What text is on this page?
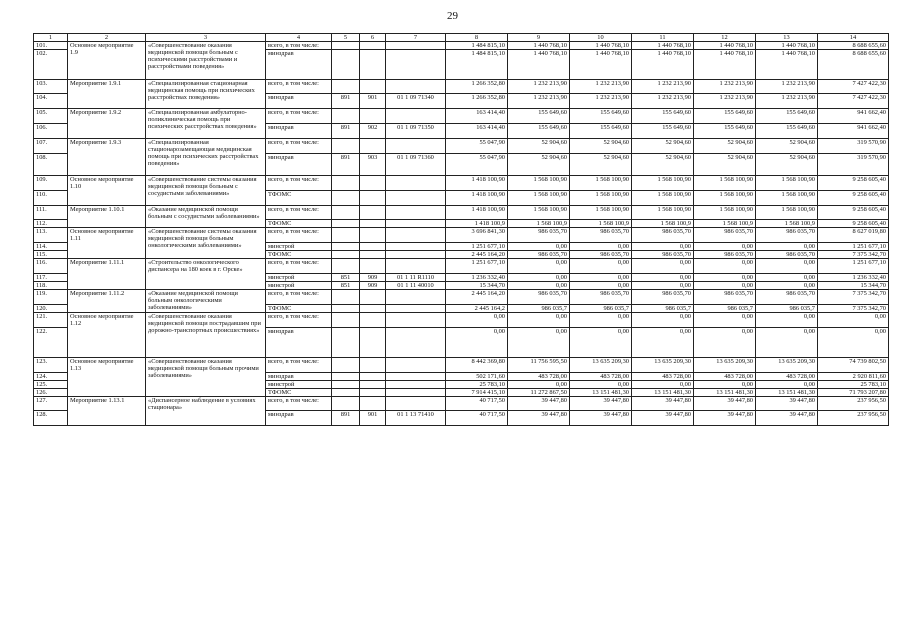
29
1	2	3	4	5	6	7	8	9	10	11	12	13	14
101.	Основное мероприятие 1.9	«Совершенствование оказания медицинской помощи больным с психическими расстройствами и расстройствами поведения»	всего, в том числе:				1 484 815,10	1 440 768,10	1 440 768,10	1 440 768,10	1 440 768,10	1 440 768,10	8 688 655,60
102.			минздрав				1 484 815,10	1 440 768,10	1 440 768,10	1 440 768,10	1 440 768,10	1 440 768,10	8 688 655,60
103.	Мероприятие 1.9.1	«Специализированная стационарная медицинская помощь при психических расстройствах поведения»	всего, в том числе:				1 266 352,80	1 232 213,90	1 232 213,90	1 232 213,90	1 232 213,90	1 232 213,90	7 427 422,30
104.			минздрав	891	901	01 1 09 71340	1 266 352,80	1 232 213,90	1 232 213,90	1 232 213,90	1 232 213,90	1 232 213,90	7 427 422,30
105.	Мероприятие 1.9.2	«Специализированная амбулаторно-поликлиническая помощь при психических расстройствах поведения»	всего, в том числе:				163 414,40	155 649,60	155 649,60	155 649,60	155 649,60	155 649,60	941 662,40
106.			минздрав	891	902	01 1 09 71350	163 414,40	155 649,60	155 649,60	155 649,60	155 649,60	155 649,60	941 662,40
107.	Мероприятие 1.9.3	«Специализированная стационарозамещающая медицинская помощь при психических расстройствах поведения»	всего, в том числе:				55 047,90	52 904,60	52 904,60	52 904,60	52 904,60	52 904,60	319 570,90
108.			минздрав	891	903	01 1 09 71360	55 047,90	52 904,60	52 904,60	52 904,60	52 904,60	52 904,60	319 570,90
109.	Основное мероприятие 1.10	«Совершенствование системы оказания медицинской помощи больным с сосудистыми заболеваниями»	всего, в том числе:				1 418 100,90	1 568 100,90	1 568 100,90	1 568 100,90	1 568 100,90	1 568 100,90	9 258 605,40
110.			ТФОМС				1 418 100,90	1 568 100,90	1 568 100,90	1 568 100,90	1 568 100,90	1 568 100,90	9 258 605,40
111.	Мероприятие 1.10.1	«Оказание медицинской помощи больным с сосудистыми заболеваниями»	всего, в том числе:				1 418 100,90	1 568 100,90	1 568 100,90	1 568 100,90	1 568 100,90	1 568 100,90	9 258 605,40
112.			ТФОМС				1 418 100,9	1 568 100,9	1 568 100,9	1 568 100,9	1 568 100,9	1 568 100,9	9 258 605,40
113.	Основное мероприятие 1.11	«Совершенствование системы оказания медицинской помощи больным онкологическими заболеваниями»	всего, в том числе:				3 696 841,30	986 035,70	986 035,70	986 035,70	986 035,70	986 035,70	8 627 019,80
114.			минстрой				1 251 677,10	0,00	0,00	0,00	0,00	0,00	1 251 677,10
115.			ТФОМС				2 445 164,20	986 035,70	986 035,70	986 035,70	986 035,70	986 035,70	7 375 342,70
116.	Мероприятие 1.11.1	«Строительство онкологического диспансера на 180 коек в г. Орске»	всего, в том числе:				1 251 677,10	0,00	0,00	0,00	0,00	0,00	1 251 677,10
117.			минстрой	851	909	01 1 11 R1110	1 236 332,40	0,00	0,00	0,00	0,00	0,00	1 236 332,40
118.			минстрой	851	909	01 1 11 40010	15 344,70	0,00	0,00	0,00	0,00	0,00	15 344,70
119.	Мероприятие 1.11.2	«Оказание медицинской помощи больным онкологическими заболеваниями»	всего, в том числе:				2 445 164,20	986 035,70	986 035,70	986 035,70	986 035,70	986 035,70	7 375 342,70
120.			ТФОМС				2 445 164,2	986 035,7	986 035,7	986 035,7	986 035,7	986 035,7	7 375 342,70
121.	Основное мероприятие 1.12	«Совершенствование оказания медицинской помощи пострадавшим при дорожно-транспортных происшествиях»	всего, в том числе:				0,00	0,00	0,00	0,00	0,00	0,00	0,00
122.			минздрав				0,00	0,00	0,00	0,00	0,00	0,00	0,00
123.	Основное мероприятие 1.13	«Совершенствование оказания медицинской помощи больным прочими заболеваниями»	всего, в том числе:				8 442 369,80	11 756 595,50	13 635 209,30	13 635 209,30	13 635 209,30	13 635 209,30	74 739 802,50
124.			минздрав				502 171,60	483 728,00	483 728,00	483 728,00	483 728,00	483 728,00	2 920 811,60
125.			минстрой				25 783,10	0,00	0,00	0,00	0,00	0,00	25 783,10
126.			ТФОМС				7 914 415,10	11 272 867,50	13 151 481,30	13 151 481,30	13 151 481,30	13 151 481,30	71 793 207,80
127.	Мероприятие 1.13.1	«Диспансерное наблюдение в условиях стационара»	всего, в том числе:				40 717,50	39 447,80	39 447,80	39 447,80	39 447,80	39 447,80	237 956,50
128.			минздрав	891	901	01 1 13 71410	40 717,50	39 447,80	39 447,80	39 447,80	39 447,80	39 447,80	237 956,50
